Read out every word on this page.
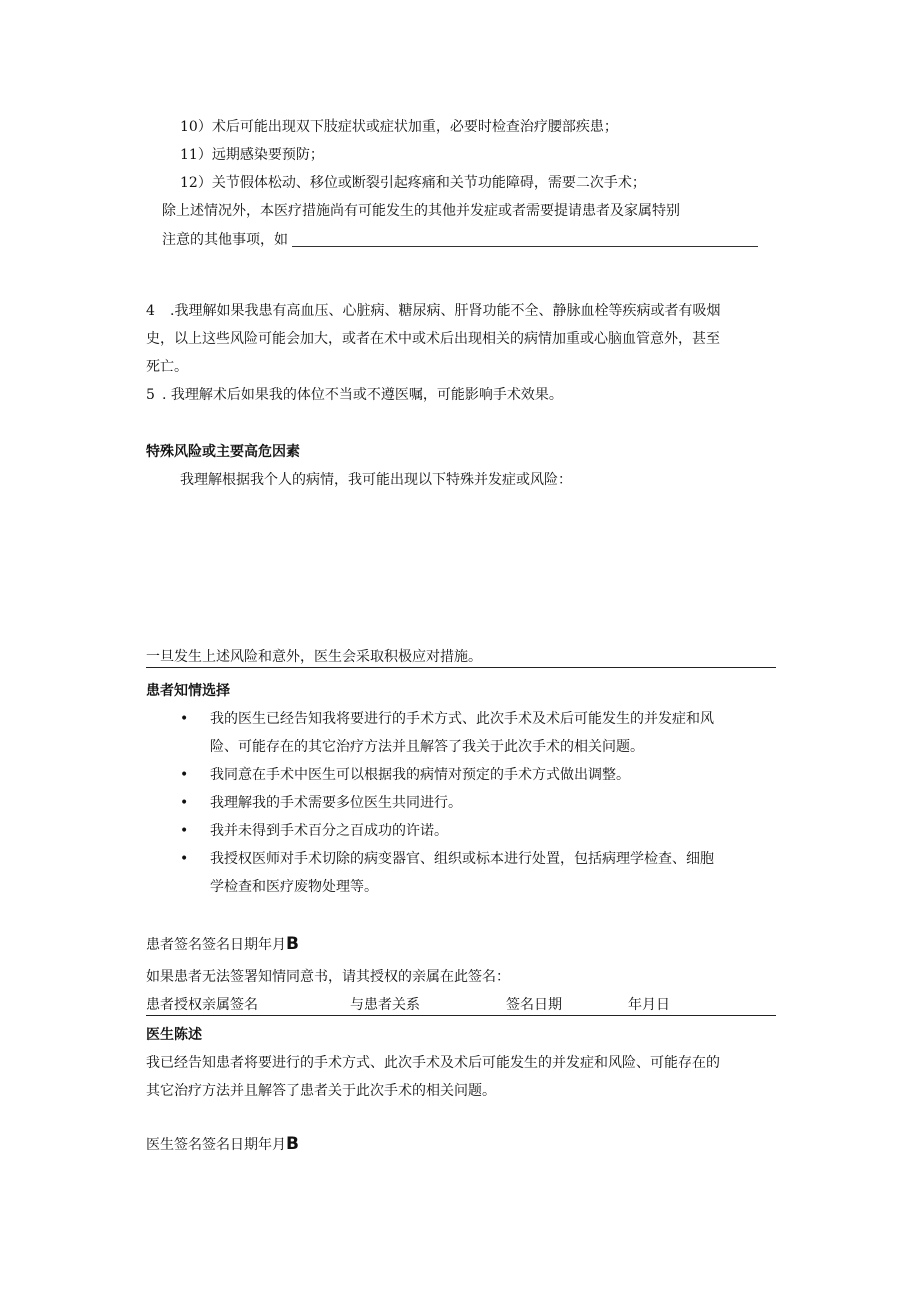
10）术后可能出现双下肢症状或症状加重，必要时检查治疗腰部疾患；
11）远期感染要预防；
12）关节假体松动、移位或断裂引起疼痛和关节功能障碍，需要二次手术；
除上述情况外，本医疗措施尚有可能发生的其他并发症或者需要提请患者及家属特别
注意的其他事项，如
4 .我理解如果我患有高血压、心脏病、糖尿病、肝肾功能不全、静脉血栓等疾病或者有吸烟
史，以上这些风险可能会加大，或者在术中或术后出现相关的病情加重或心脑血管意外，甚至
死亡。
5 . 我理解术后如果我的体位不当或不遵医嘱，可能影响手术效果。
特殊风险或主要高危因素
我理解根据我个人的病情，我可能出现以下特殊并发症或风险：
一旦发生上述风险和意外，医生会采取积极应对措施。
患者知情选择
• 我的医生已经告知我将要进行的手术方式、此次手术及术后可能发生的并发症和风
险、可能存在的其它治疗方法并且解答了我关于此次手术的相关问题。
• 我同意在手术中医生可以根据我的病情对预定的手术方式做出调整。
• 我理解我的手术需要多位医生共同进行。
• 我并未得到手术百分之百成功的许诺。
• 我授权医师对手术切除的病变器官、组织或标本进行处置，包括病理学检查、细胞
学检查和医疗废物处理等。
患者签名签名日期年月B
如果患者无法签署知情同意书，请其授权的亲属在此签名：
患者授权亲属签名	与患者关系	签名日期	年月日
医生陈述
我已经告知患者将要进行的手术方式、此次手术及术后可能发生的并发症和风险、可能存在的
其它治疗方法并且解答了患者关于此次手术的相关问题。
医生签名签名日期年月B
